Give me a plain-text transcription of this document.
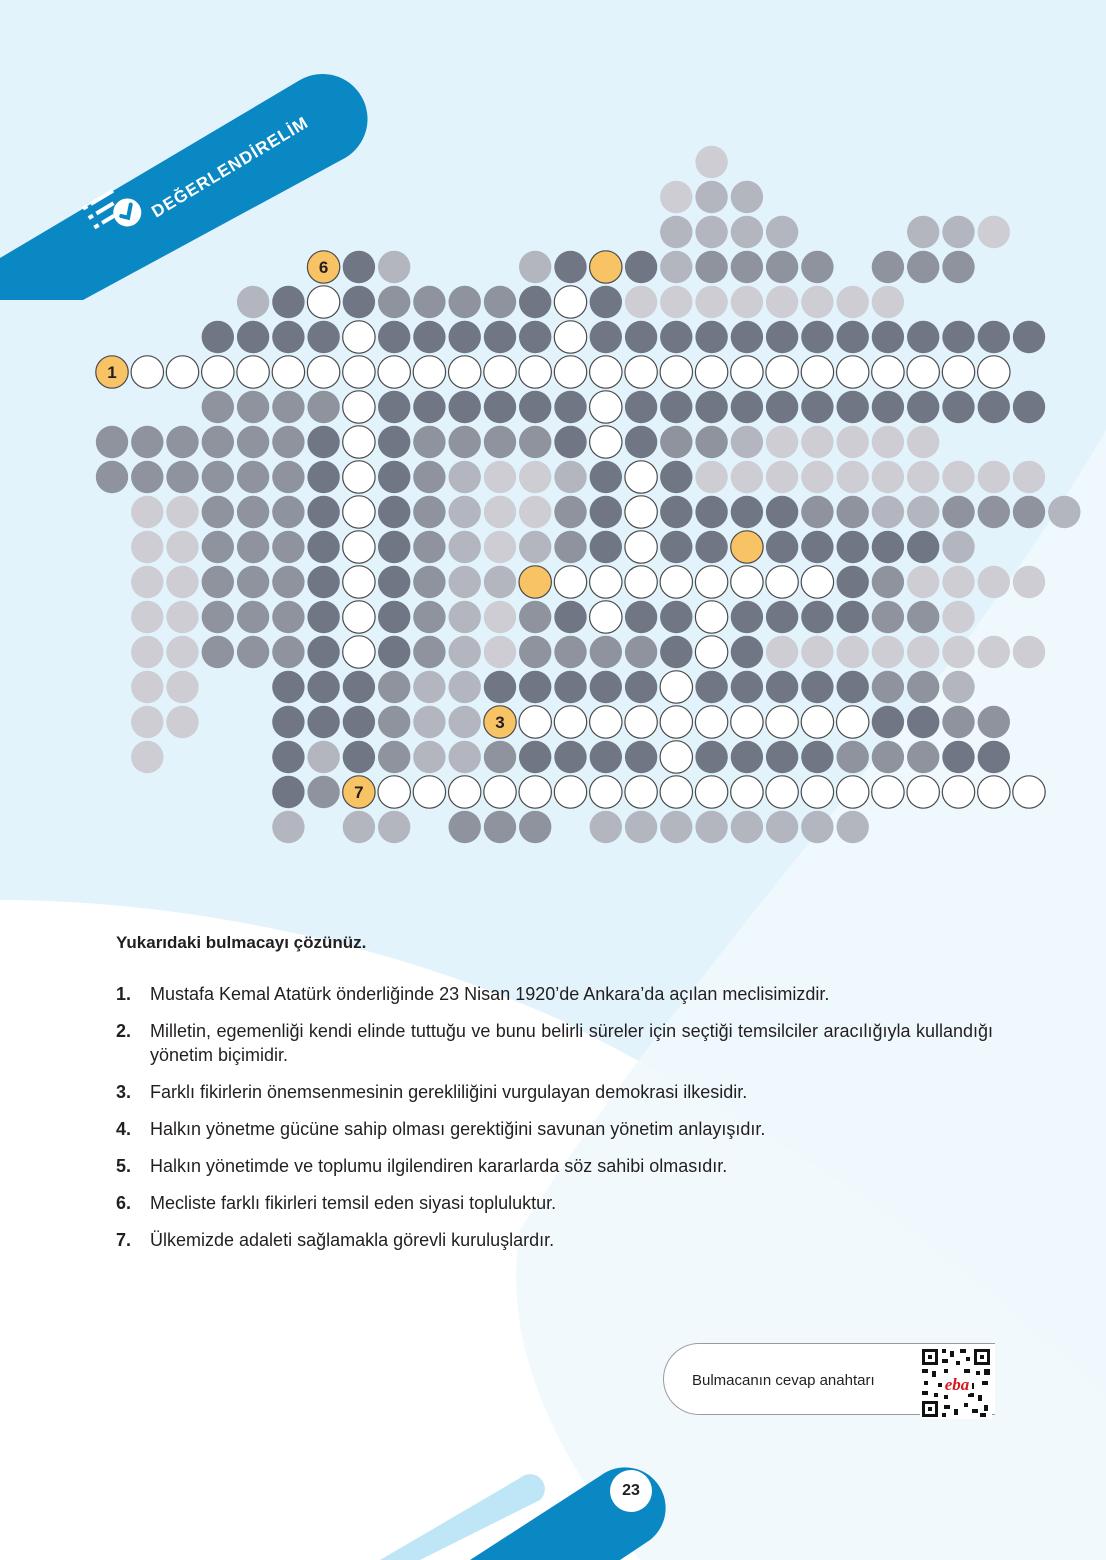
DEĞERLENDİRELİM
6
1
3
7

Yukarıdaki bulmacayı çözünüz.

1. Mustafa Kemal Atatürk önderliğinde 23 Nisan 1920’de Ankara’da açılan meclisimizdir.
2. Milletin, egemenliği kendi elinde tuttuğu ve bunu belirli süreler için seçtiği temsilciler aracılığıyla kullandığı yönetim biçimidir.
3. Farklı fikirlerin önemsenmesinin gerekliliğini vurgulayan demokrasi ilkesidir.
4. Halkın yönetme gücüne sahip olması gerektiğini savunan yönetim anlayışıdır.
5. Halkın yönetimde ve toplumu ilgilendiren kararlarda söz sahibi olmasıdır.
6. Mecliste farklı fikirleri temsil eden siyasi topluluktur.
7. Ülkemizde adaleti sağlamakla görevli kuruluşlardır.
Bulmacanın cevap anahtarı	eba
23
